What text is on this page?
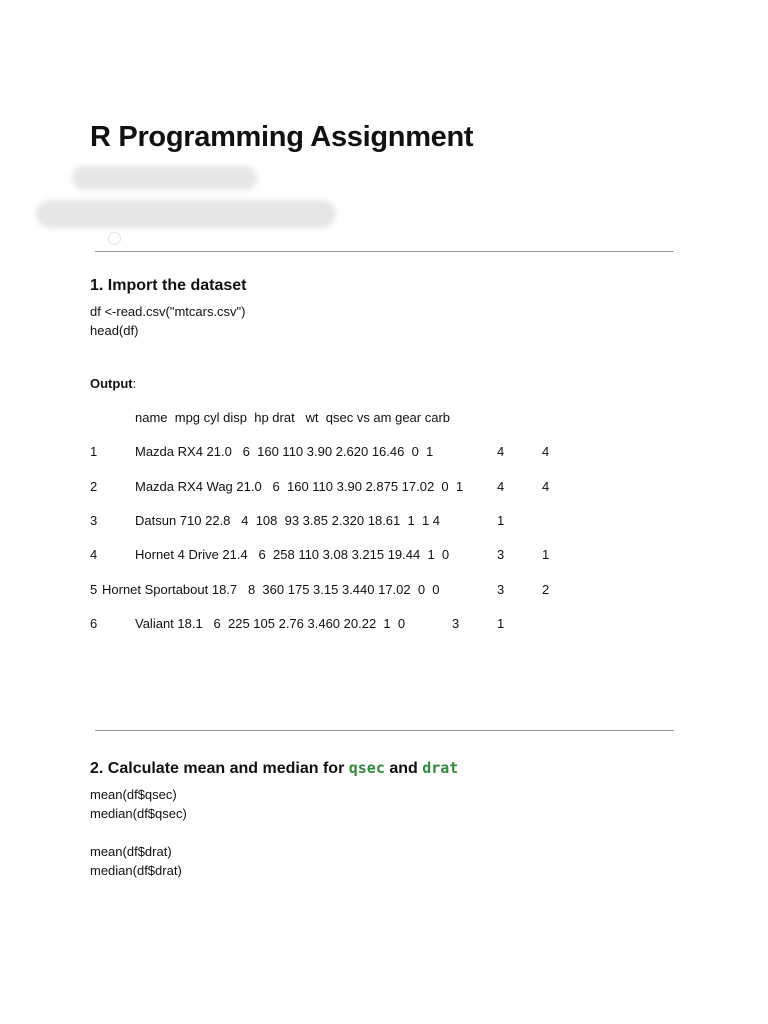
R Programming Assignment
1. Import the dataset
df <-read.csv("mtcars.csv")
head(df)
Output:
name  mpg cyl disp  hp drat   wt  qsec vs am gear carb
1	Mazda RX4 21.0   6  160 110 3.90 2.620 16.46  0  1	4	4
2	Mazda RX4 Wag 21.0   6  160 110 3.90 2.875 17.02  0  1	4	4
3	Datsun 710 22.8   4  108  93 3.85 2.320 18.61  1  1 4	1
4	Hornet 4 Drive 21.4   6  258 110 3.08 3.215 19.44  1  0	3	1
5 Hornet Sportabout 18.7   8  360 175 3.15 3.440 17.02  0  0	3	2
6	Valiant 18.1   6  225 105 2.76 3.460 20.22  1  0	3	1
2. Calculate mean and median for qsec and drat
mean(df$qsec)
median(df$qsec)
mean(df$drat)
median(df$drat)
